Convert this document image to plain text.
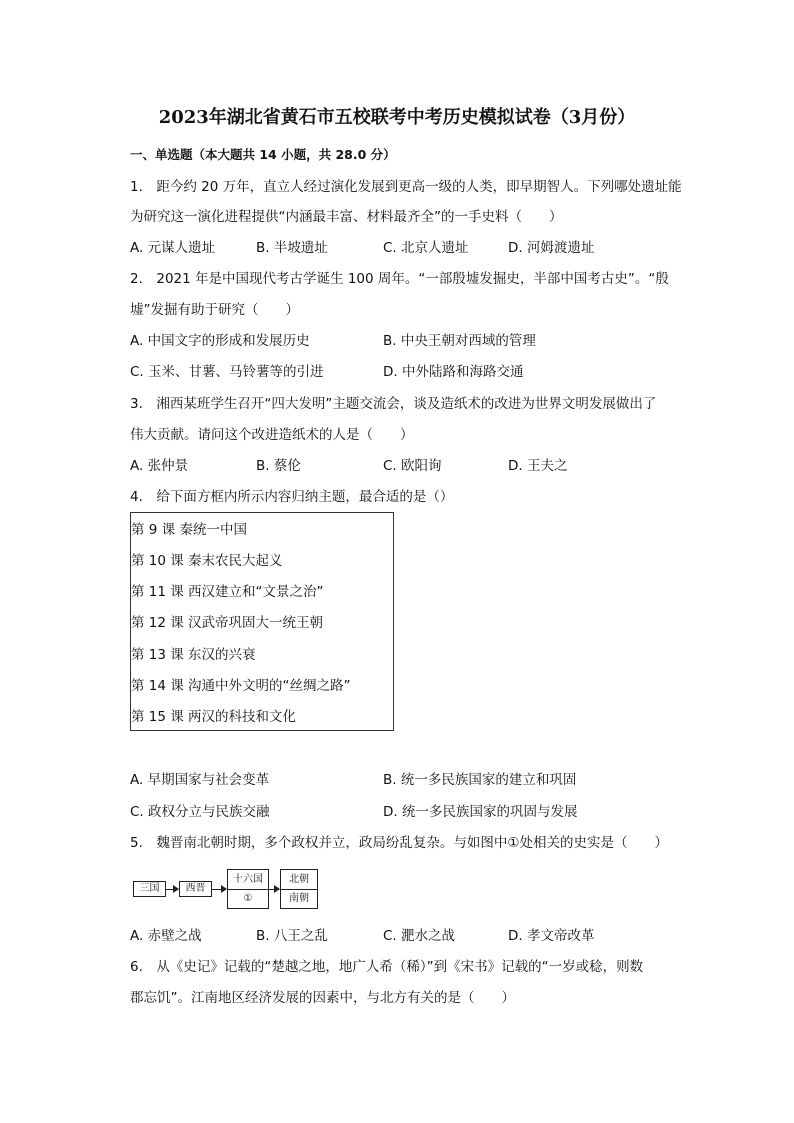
2023年湖北省黄石市五校联考中考历史模拟试卷（3月份）
一、单选题（本大题共 14 小题，共 28.0 分）
1.　距今约 20 万年，直立人经过演化发展到更高一级的人类，即早期智人。下列哪处遗址能
为研究这一演化进程提供“内涵最丰富、材料最齐全”的一手史料（　　）
A. 元谋人遗址	B. 半坡遗址	C. 北京人遗址	D. 河姆渡遗址
2.　2021 年是中国现代考古学诞生 100 周年。“一部殷墟发掘史，半部中国考古史”。“殷
墟”发掘有助于研究（　　）
A. 中国文字的形成和发展历史	B. 中央王朝对西域的管理
C. 玉米、甘薯、马铃薯等的引进	D. 中外陆路和海路交通
3.　湘西某班学生召开“四大发明”主题交流会，谈及造纸术的改进为世界文明发展做出了
伟大贡献。请问这个改进造纸术的人是（　　）
A. 张仲景	B. 蔡伦	C. 欧阳询	D. 王夫之
4.　给下面方框内所示内容归纳主题，最合适的是（）
第 9 课 秦统一中国
第 10 课 秦末农民大起义
第 11 课 西汉建立和“文景之治”
第 12 课 汉武帝巩固大一统王朝
第 13 课 东汉的兴衰
第 14 课 沟通中外文明的“丝绸之路”
第 15 课 两汉的科技和文化
A. 早期国家与社会变革	B. 统一多民族国家的建立和巩固
C. 政权分立与民族交融	D. 统一多民族国家的巩固与发展
5.　魏晋南北朝时期，多个政权并立，政局纷乱复杂。与如图中①处相关的史实是（　　）
三国	西晋
十六国
①
北朝
南朝
A. 赤壁之战	B. 八王之乱	C. 淝水之战	D. 孝文帝改革
6.　从《史记》记载的“楚越之地，地广人希（稀）”到《宋书》记载的“一岁或稔，则数
郡忘饥”。江南地区经济发展的因素中，与北方有关的是（　　）
